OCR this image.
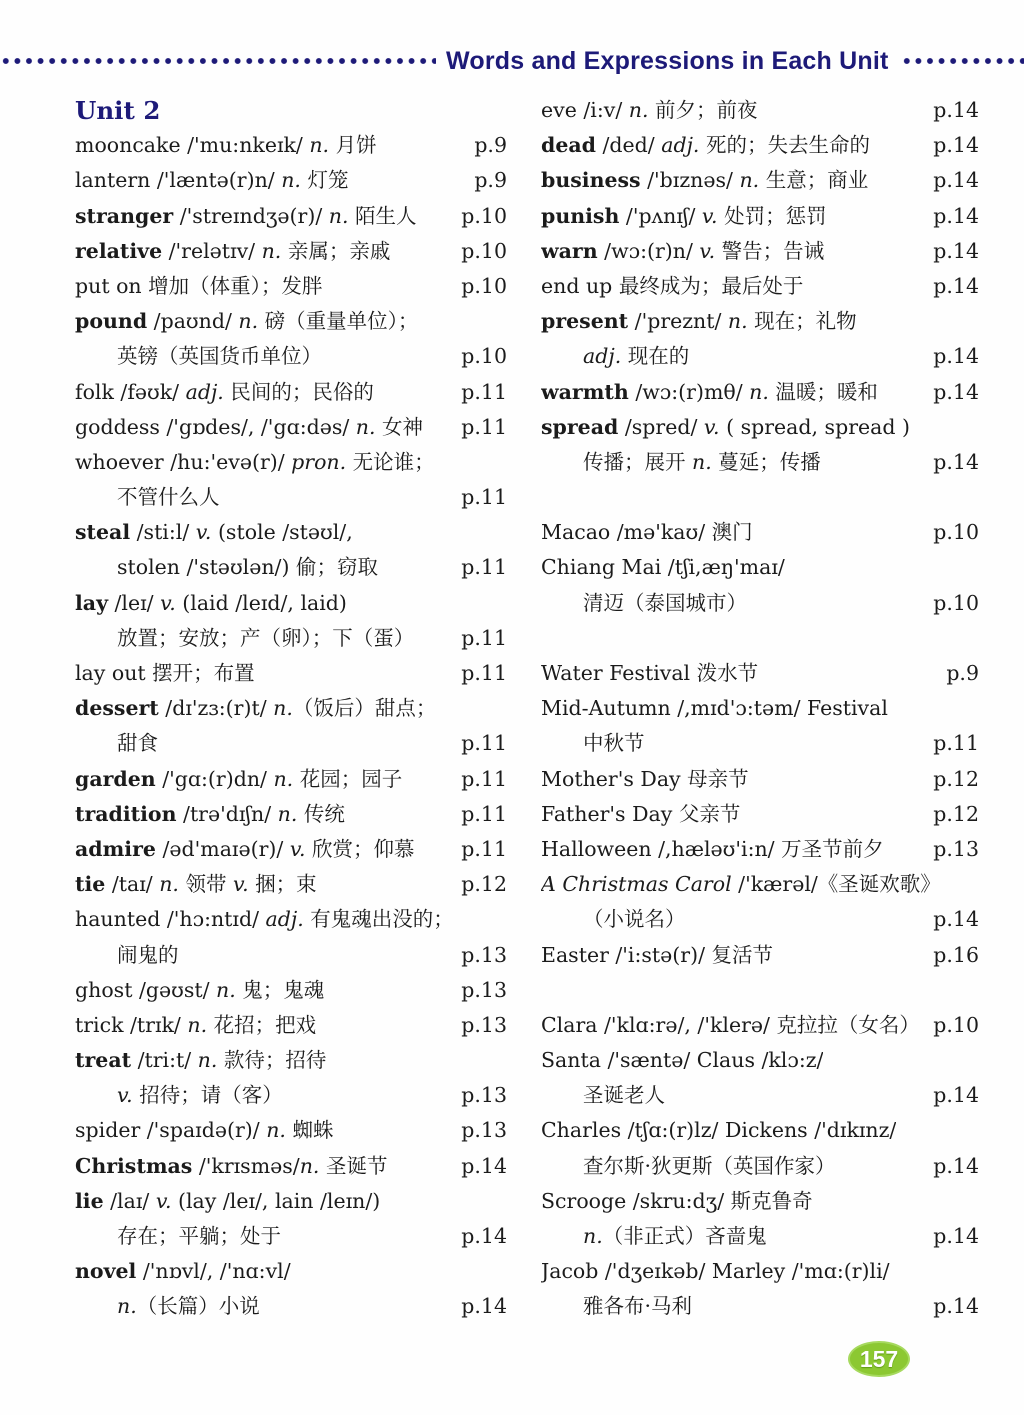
Words and Expressions in Each Unit
Unit 2
mooncake /'mu:nkeɪk/ n. 月饼	p.9
lantern /'læntə(r)n/ n. 灯笼	p.9
stranger /'streɪndʒə(r)/ n. 陌生人 p.10
relative /'relətɪv/ n. 亲属；亲戚	p.10
put on 增加（体重）；发胖	p.10
pound /paʊnd/ n. 磅（重量单位）；
英镑（英国货币单位）	p.10
folk /fəʊk/ adj. 民间的；民俗的	p.11
goddess /'gɒdes/, /'gɑ:dəs/ n. 女神 p.11
whoever /hu:'evə(r)/ pron. 无论谁；
不管什么人	p.11
steal /sti:l/ v. (stole /stəʊl/,
stolen /'stəʊlən/) 偷；窃取	p.11
lay /leɪ/ v. (laid /leɪd/, laid)
放置；安放；产（卵）；下（蛋） p.11
lay out 摆开；布置	p.11
dessert /dɪ'zɜ:(r)t/ n.（饭后）甜点；
甜食	p.11
garden /'gɑ:(r)dn/ n. 花园；园子	p.11
tradition /trə'dɪʃn/ n. 传统	p.11
admire /əd'maɪə(r)/ v. 欣赏；仰慕 p.11
tie /taɪ/ n. 领带 v. 捆；束	p.12
haunted /'hɔ:ntɪd/ adj. 有鬼魂出没的；
闹鬼的	p.13
ghost /gəʊst/ n. 鬼；鬼魂	p.13
trick /trɪk/ n. 花招；把戏	p.13
treat /tri:t/ n. 款待；招待
v. 招待；请（客）	p.13
spider /'spaɪdə(r)/ n. 蜘蛛	p.13
Christmas /'krɪsməs/n. 圣诞节	p.14
lie /laɪ/ v. (lay /leɪ/, lain /leɪn/)
存在；平躺；处于	p.14
novel /'nɒvl/, /'nɑ:vl/
n.（长篇）小说	p.14
eve /i:v/ n. 前夕；前夜	p.14
dead /ded/ adj. 死的；失去生命的	p.14
business /'bɪznəs/ n. 生意；商业	p.14
punish /'pʌnɪʃ/ v. 处罚；惩罚	p.14
warn /wɔ:(r)n/ v. 警告；告诫	p.14
end up 最终成为；最后处于	p.14
present /'preznt/ n. 现在；礼物
adj. 现在的	p.14
warmth /wɔ:(r)mθ/ n. 温暖；暖和	p.14
spread /spred/ v. ( spread, spread )
传播；展开 n. 蔓延；传播	p.14
Macao /mə'kaʊ/ 澳门	p.10
Chiang Mai /tʃi,æŋ'maɪ/
清迈（泰国城市）	p.10
Water Festival 泼水节	p.9
Mid-Autumn /,mɪd'ɔ:təm/ Festival
中秋节	p.11
Mother's Day 母亲节	p.12
Father's Day 父亲节	p.12
Halloween /,hæləʊ'i:n/ 万圣节前夕 p.13
A Christmas Carol /'kærəl/《圣诞欢歌》
（小说名）	p.14
Easter /'i:stə(r)/ 复活节	p.16
Clara /'klɑ:rə/, /'klerə/ 克拉拉（女名） p.10
Santa /'sæntə/ Claus /klɔ:z/
圣诞老人	p.14
Charles /tʃɑ:(r)lz/ Dickens /'dɪkɪnz/
查尔斯·狄更斯（英国作家）	p.14
Scrooge /skru:dʒ/ 斯克鲁奇
n.（非正式）吝啬鬼	p.14
Jacob /'dʒeɪkəb/ Marley /'mɑ:(r)li/
雅各布·马利	p.14
157
